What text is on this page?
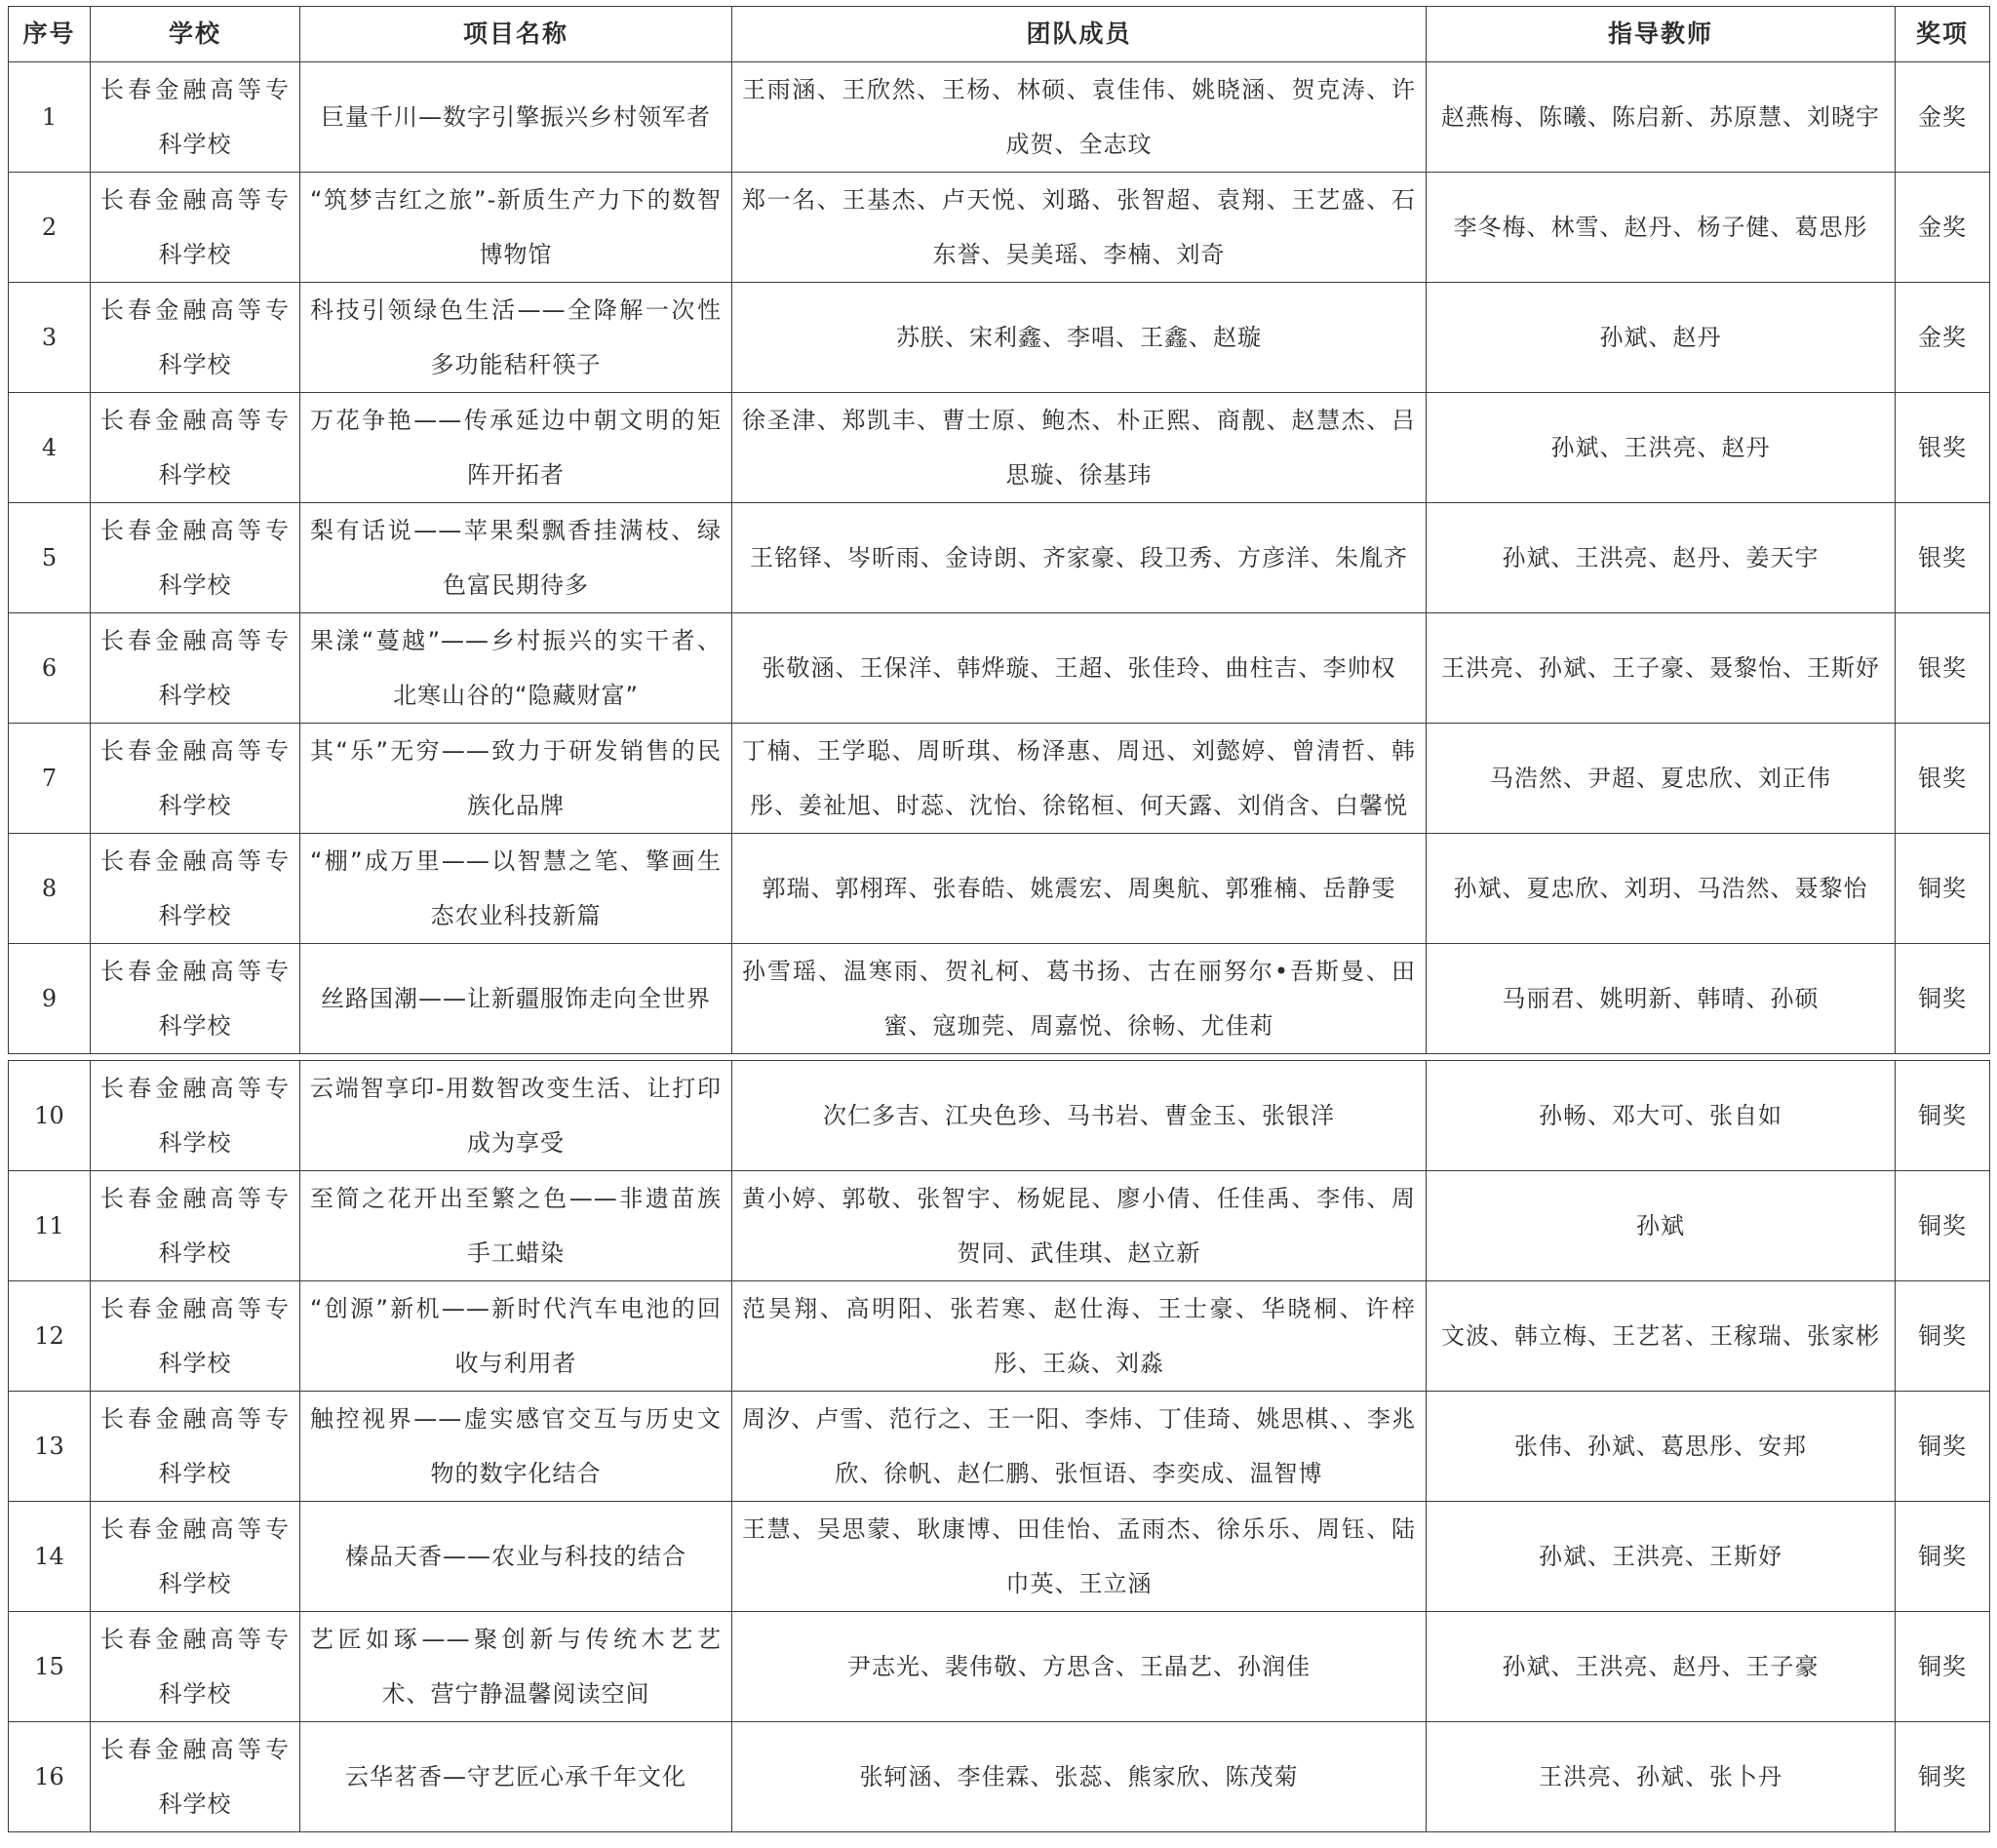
序号	学校	项目名称	团队成员	指导教师	奖项
1	长春金融高等专科学校	巨量千川—数字引擎振兴乡村领军者	王雨涵、王欣然、王杨、林硕、袁佳伟、姚晓涵、贺克涛、许成贺、全志玟	赵燕梅、陈曦、陈启新、苏原慧、刘晓宇	金奖
2	长春金融高等专科学校	“筑梦吉红之旅”-新质生产力下的数智博物馆	郑一名、王基杰、卢天悦、刘璐、张智超、袁翔、王艺盛、石东誉、吴美瑶、李楠、刘奇	李冬梅、林雪、赵丹、杨子健、葛思彤	金奖
3	长春金融高等专科学校	科技引领绿色生活——全降解一次性多功能秸秆筷子	苏朕、宋利鑫、李唱、王鑫、赵璇	孙斌、赵丹	金奖
4	长春金融高等专科学校	万花争艳——传承延边中朝文明的矩阵开拓者	徐圣津、郑凯丰、曹士原、鲍杰、朴正熙、商靓、赵慧杰、吕思璇、徐基玮	孙斌、王洪亮、赵丹	银奖
5	长春金融高等专科学校	梨有话说——苹果梨飘香挂满枝、绿色富民期待多	王铭铎、岑昕雨、金诗朗、齐家豪、段卫秀、方彦洋、朱胤齐	孙斌、王洪亮、赵丹、姜天宇	银奖
6	长春金融高等专科学校	果漾“蔓越”——乡村振兴的实干者、北寒山谷的“隐藏财富”	张敬涵、王保洋、韩烨璇、王超、张佳玲、曲柱吉、李帅权	王洪亮、孙斌、王子豪、聂黎怡、王斯妤	银奖
7	长春金融高等专科学校	其“乐”无穷——致力于研发销售的民族化品牌	丁楠、王学聪、周昕琪、杨泽惠、周迅、刘懿婷、曾清哲、韩彤、姜祉旭、时蕊、沈怡、徐铭桓、何天露、刘俏含、白馨悦	马浩然、尹超、夏忠欣、刘正伟	银奖
8	长春金融高等专科学校	“棚”成万里——以智慧之笔、擎画生态农业科技新篇	郭瑞、郭栩珲、张春皓、姚震宏、周奥航、郭雅楠、岳静雯	孙斌、夏忠欣、刘玥、马浩然、聂黎怡	铜奖
9	长春金融高等专科学校	丝路国潮——让新疆服饰走向全世界	孙雪瑶、温寒雨、贺礼柯、葛书扬、古在丽努尔•吾斯曼、田蜜、寇珈莞、周嘉悦、徐畅、尤佳莉	马丽君、姚明新、韩晴、孙硕	铜奖
10	长春金融高等专科学校	云端智享印-用数智改变生活、让打印成为享受	次仁多吉、江央色珍、马书岩、曹金玉、张银洋	孙畅、邓大可、张自如	铜奖
11	长春金融高等专科学校	至简之花开出至繁之色——非遗苗族手工蜡染	黄小婷、郭敬、张智宇、杨妮昆、廖小倩、任佳禹、李伟、周贺同、武佳琪、赵立新	孙斌	铜奖
12	长春金融高等专科学校	“创源”新机——新时代汽车电池的回收与利用者	范昊翔、高明阳、张若寒、赵仕海、王士豪、华晓桐、许梓彤、王焱、刘淼	文波、韩立梅、王艺茗、王稼瑞、张家彬	铜奖
13	长春金融高等专科学校	触控视界——虚实感官交互与历史文物的数字化结合	周汐、卢雪、范行之、王一阳、李炜、丁佳琦、姚思棋、、李兆欣、徐帆、赵仁鹏、张恒语、李奕成、温智博	张伟、孙斌、葛思彤、安邦	铜奖
14	长春金融高等专科学校	榛品天香——农业与科技的结合	王慧、吴思蒙、耿康博、田佳怡、孟雨杰、徐乐乐、周钰、陆巾英、王立涵	孙斌、王洪亮、王斯妤	铜奖
15	长春金融高等专科学校	艺匠如琢——聚创新与传统木艺艺术、营宁静温馨阅读空间	尹志光、裴伟敬、方思含、王晶艺、孙润佳	孙斌、王洪亮、赵丹、王子豪	铜奖
16	长春金融高等专科学校	云华茗香—守艺匠心承千年文化	张轲涵、李佳霖、张蕊、熊家欣、陈茂菊	王洪亮、孙斌、张卜丹	铜奖
